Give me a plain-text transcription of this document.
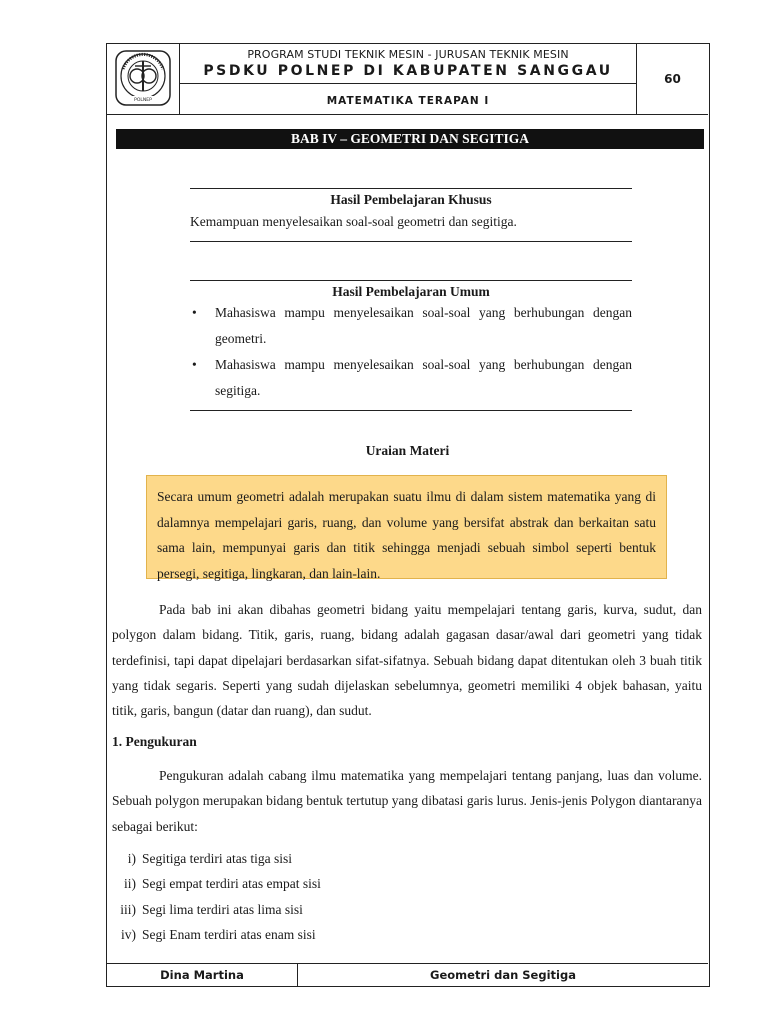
POLNEP
PROGRAM STUDI TEKNIK MESIN - JURUSAN TEKNIK MESIN
PSDKU POLNEP DI KABUPATEN SANGGAU
MATEMATIKA TERAPAN I
60
BAB IV – GEOMETRI DAN SEGITIGA
Hasil Pembelajaran Khusus
Kemampuan menyelesaikan soal-soal geometri dan segitiga.
Hasil Pembelajaran Umum
• Mahasiswa mampu menyelesaikan soal-soal yang berhubungan dengan geometri.
• Mahasiswa mampu menyelesaikan soal-soal yang berhubungan dengan segitiga.
Uraian Materi
Secara umum geometri adalah merupakan suatu ilmu di dalam sistem matematika yang di dalamnya mempelajari garis, ruang, dan volume yang bersifat abstrak dan berkaitan satu sama lain, mempunyai garis dan titik sehingga menjadi sebuah simbol seperti bentuk persegi, segitiga, lingkaran, dan lain-lain.
Pada bab ini akan dibahas geometri bidang yaitu mempelajari tentang garis, kurva, sudut, dan polygon dalam bidang. Titik, garis, ruang, bidang adalah gagasan dasar/awal dari geometri yang tidak terdefinisi, tapi dapat dipelajari berdasarkan sifat-sifatnya. Sebuah bidang dapat ditentukan oleh 3 buah titik yang tidak segaris. Seperti yang sudah dijelaskan sebelumnya, geometri memiliki 4 objek bahasan, yaitu titik, garis, bangun (datar dan ruang), dan sudut.
1. Pengukuran
Pengukuran adalah cabang ilmu matematika yang mempelajari tentang panjang, luas dan volume. Sebuah polygon merupakan bidang bentuk tertutup yang dibatasi garis lurus. Jenis-jenis Polygon diantaranya sebagai berikut:
i) Segitiga terdiri atas tiga sisi
ii) Segi empat terdiri atas empat sisi
iii) Segi lima terdiri atas lima sisi
iv) Segi Enam terdiri atas enam sisi
Dina Martina	Geometri dan Segitiga
